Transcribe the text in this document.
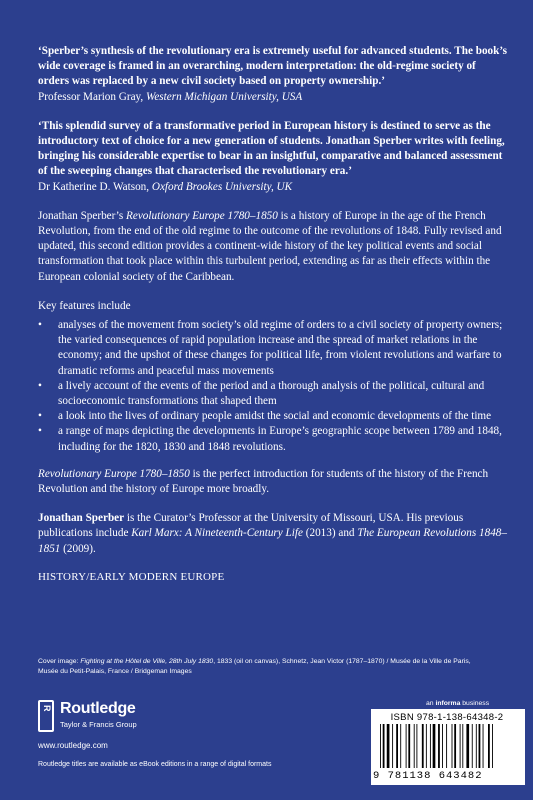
‘Sperber’s synthesis of the revolutionary era is extremely useful for advanced students. The book’s wide coverage is framed in an overarching, modern interpretation: the old-regime society of orders was replaced by a new civil society based on property ownership.’

Professor Marion Gray, Western Michigan University, USA

‘This splendid survey of a transformative period in European history is destined to serve as the introductory text of choice for a new generation of students. Jonathan Sperber writes with feeling, bringing his considerable expertise to bear in an insightful, comparative and balanced assessment of the sweeping changes that characterised the revolutionary era.’

Dr Katherine D. Watson, Oxford Brookes University, UK

Jonathan Sperber’s Revolutionary Europe 1780–1850 is a history of Europe in the age of the French Revolution, from the end of the old regime to the outcome of the revolutions of 1848. Fully revised and updated, this second edition provides a continent-wide history of the key political events and social transformation that took place within this turbulent period, extending as far as their effects within the European colonial society of the Caribbean.

Key features include

• analyses of the movement from society’s old regime of orders to a civil society of property owners; the varied consequences of rapid population increase and the spread of market relations in the economy; and the upshot of these changes for political life, from violent revolutions and warfare to dramatic reforms and peaceful mass movements
• a lively account of the events of the period and a thorough analysis of the political, cultural and socioeconomic transformations that shaped them
• a look into the lives of ordinary people amidst the social and economic developments of the time
• a range of maps depicting the developments in Europe’s geographic scope between 1789 and 1848, including for the 1820, 1830 and 1848 revolutions.

Revolutionary Europe 1780–1850 is the perfect introduction for students of the history of the French Revolution and the history of Europe more broadly.

Jonathan Sperber is the Curator’s Professor at the University of Missouri, USA. His previous publications include Karl Marx: A Nineteenth-Century Life (2013) and The European Revolutions 1848–1851 (2009).

HISTORY/EARLY MODERN EUROPE
Cover image: Fighting at the Hôtel de Ville, 28th July 1830, 1833 (oil on canvas), Schnetz, Jean Victor (1787–1870) / Musée de la Ville de Paris, Musée du Petit-Palais, France / Bridgeman Images
R Routledge
Taylor & Francis Group
www.routledge.com
Routledge titles are available as eBook editions in a range of digital formats
an informa business
ISBN 978-1-138-64348-2
9 781138 643482
